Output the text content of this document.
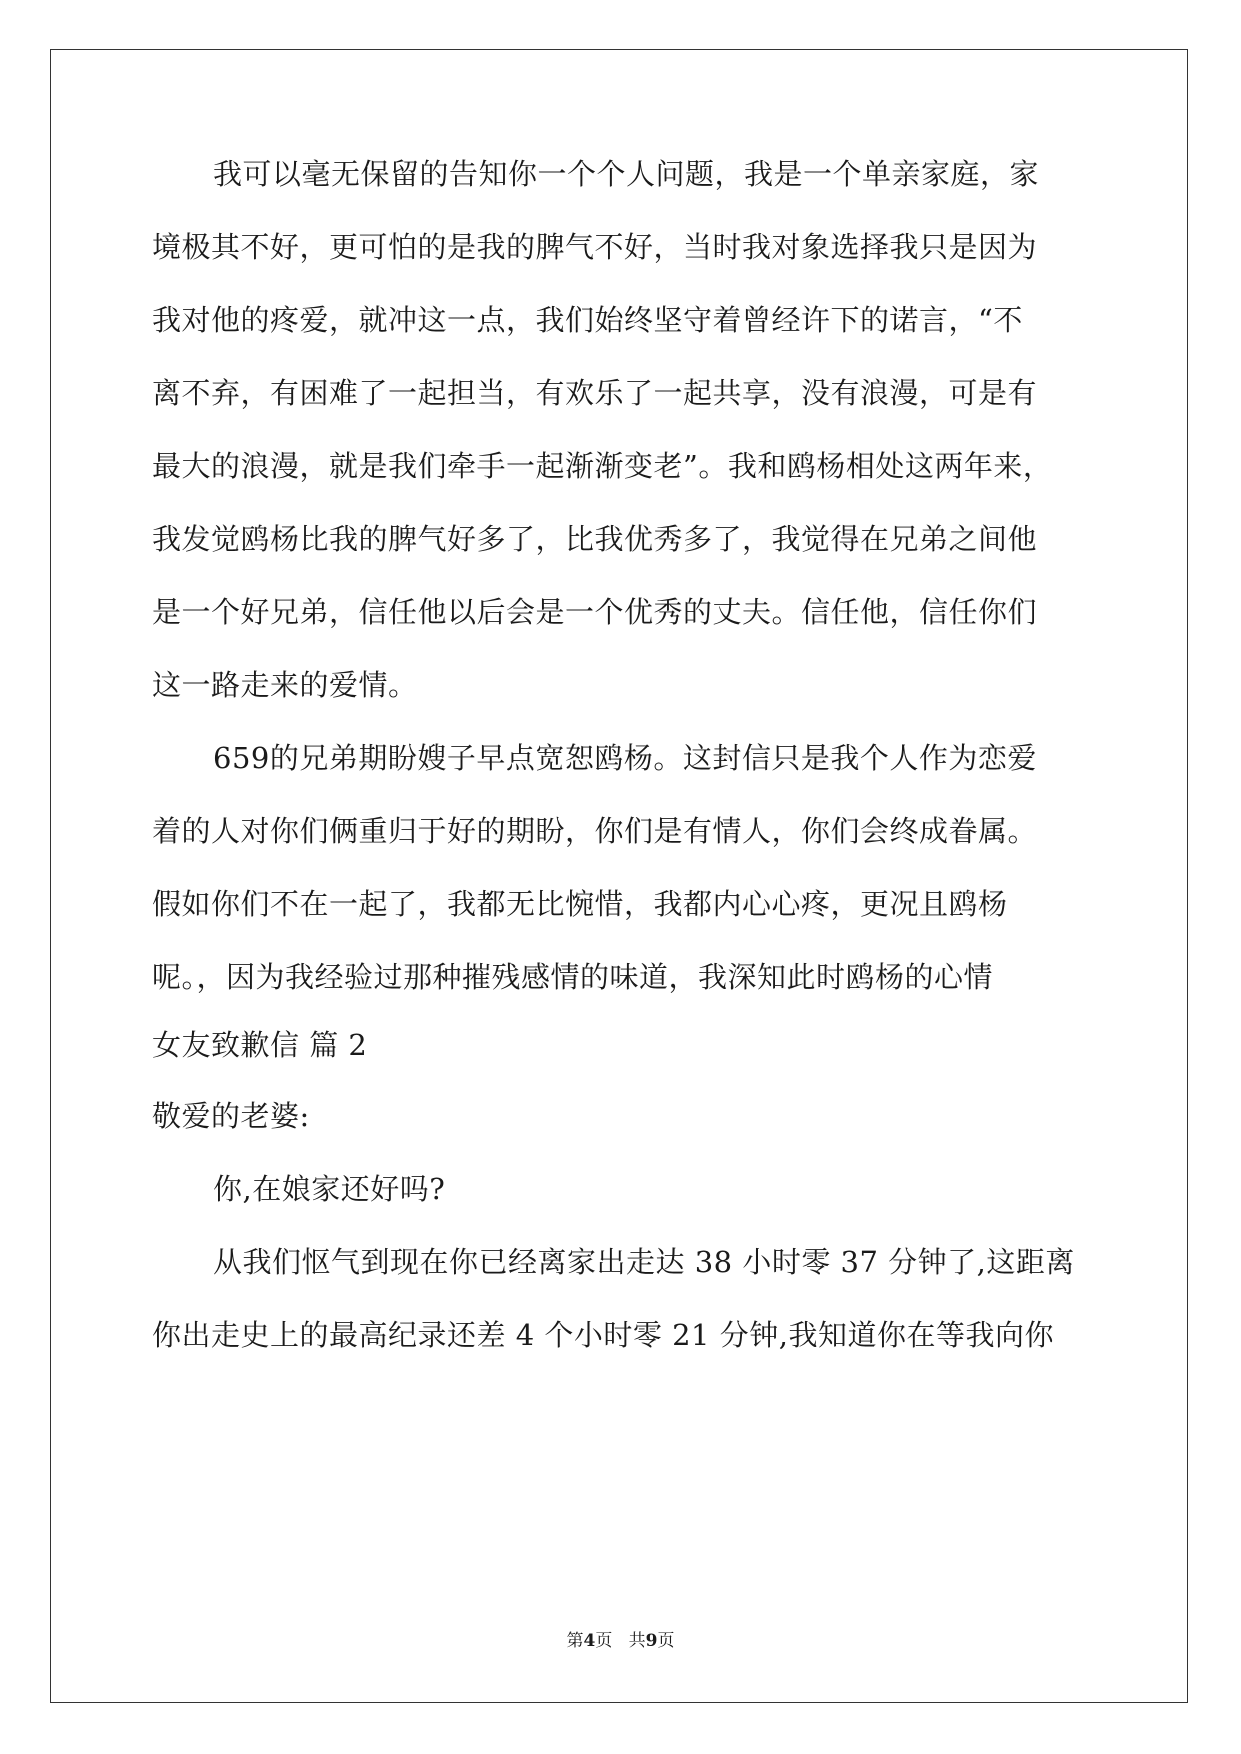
我可以毫无保留的告知你一个个人问题，我是一个单亲家庭，家
境极其不好，更可怕的是我的脾气不好，当时我对象选择我只是因为
我对他的疼爱，就冲这一点，我们始终坚守着曾经许下的诺言，“不
离不弃，有困难了一起担当，有欢乐了一起共享，没有浪漫，可是有
最大的浪漫，就是我们牵手一起渐渐变老”。我和鸥杨相处这两年来，
我发觉鸥杨比我的脾气好多了，比我优秀多了，我觉得在兄弟之间他
是一个好兄弟，信任他以后会是一个优秀的丈夫。信任他，信任你们
这一路走来的爱情。
659的兄弟期盼嫂子早点宽恕鸥杨。这封信只是我个人作为恋爱
着的人对你们俩重归于好的期盼，你们是有情人，你们会终成眷属。
假如你们不在一起了，我都无比惋惜，我都内心心疼，更况且鸥杨
呢。，因为我经验过那种摧残感情的味道，我深知此时鸥杨的心情
女友致歉信 篇 2
敬爱的老婆:
你,在娘家还好吗?
从我们怄气到现在你已经离家出走达 38 小时零 37 分钟了,这距离
你出走史上的最高纪录还差 4 个小时零 21 分钟,我知道你在等我向你
第4页   共9页
